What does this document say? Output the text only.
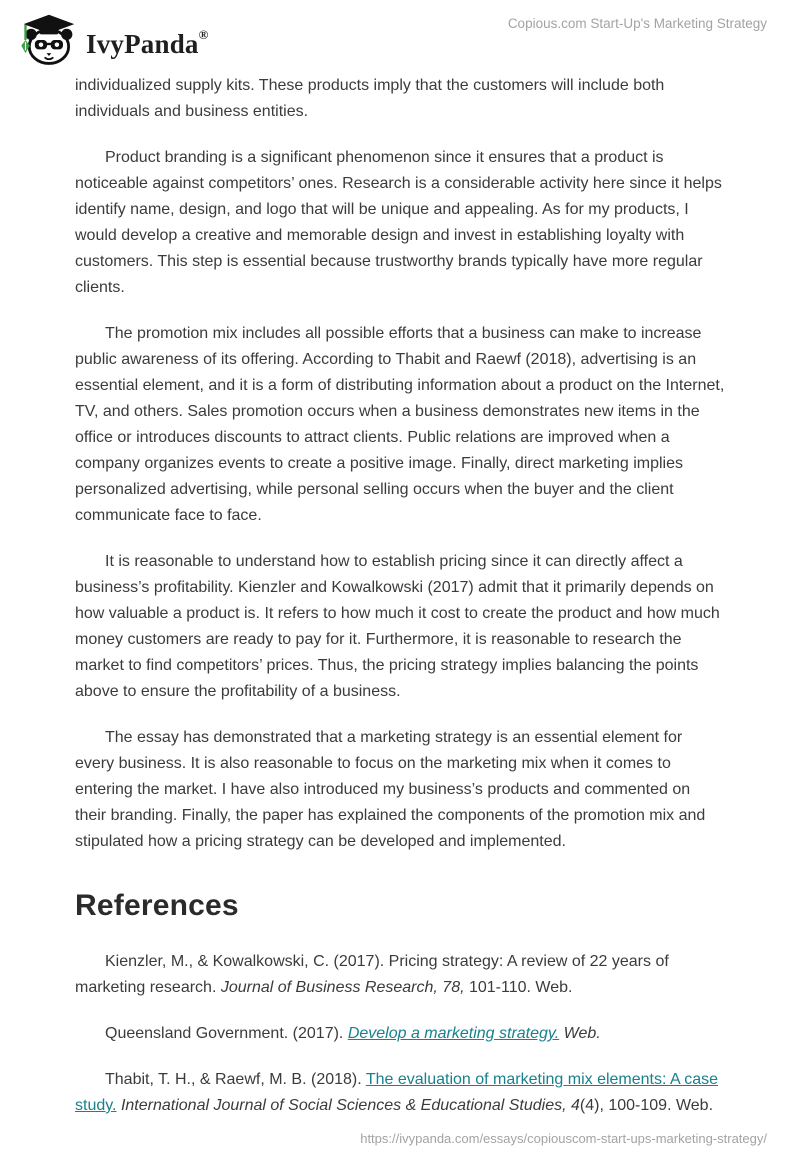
IvyPanda®
Copious.com Start-Up's Marketing Strategy

individualized supply kits. These products imply that the customers will include both individuals and business entities.

Product branding is a significant phenomenon since it ensures that a product is noticeable against competitors’ ones. Research is a considerable activity here since it helps identify name, design, and logo that will be unique and appealing. As for my products, I would develop a creative and memorable design and invest in establishing loyalty with customers. This step is essential because trustworthy brands typically have more regular clients.

The promotion mix includes all possible efforts that a business can make to increase public awareness of its offering. According to Thabit and Raewf (2018), advertising is an essential element, and it is a form of distributing information about a product on the Internet, TV, and others. Sales promotion occurs when a business demonstrates new items in the office or introduces discounts to attract clients. Public relations are improved when a company organizes events to create a positive image. Finally, direct marketing implies personalized advertising, while personal selling occurs when the buyer and the client communicate face to face.

It is reasonable to understand how to establish pricing since it can directly affect a business’s profitability. Kienzler and Kowalkowski (2017) admit that it primarily depends on how valuable a product is. It refers to how much it cost to create the product and how much money customers are ready to pay for it. Furthermore, it is reasonable to research the market to find competitors’ prices. Thus, the pricing strategy implies balancing the points above to ensure the profitability of a business.

The essay has demonstrated that a marketing strategy is an essential element for every business. It is also reasonable to focus on the marketing mix when it comes to entering the market. I have also introduced my business’s products and commented on their branding. Finally, the paper has explained the components of the promotion mix and stipulated how a pricing strategy can be developed and implemented.

References

Kienzler, M., & Kowalkowski, C. (2017). Pricing strategy: A review of 22 years of marketing research. Journal of Business Research, 78, 101-110. Web.

Queensland Government. (2017). Develop a marketing strategy. Web.

Thabit, T. H., & Raewf, M. B. (2018). The evaluation of marketing mix elements: A case study. International Journal of Social Sciences & Educational Studies, 4(4), 100-109. Web.

https://ivypanda.com/essays/copiouscom-start-ups-marketing-strategy/
